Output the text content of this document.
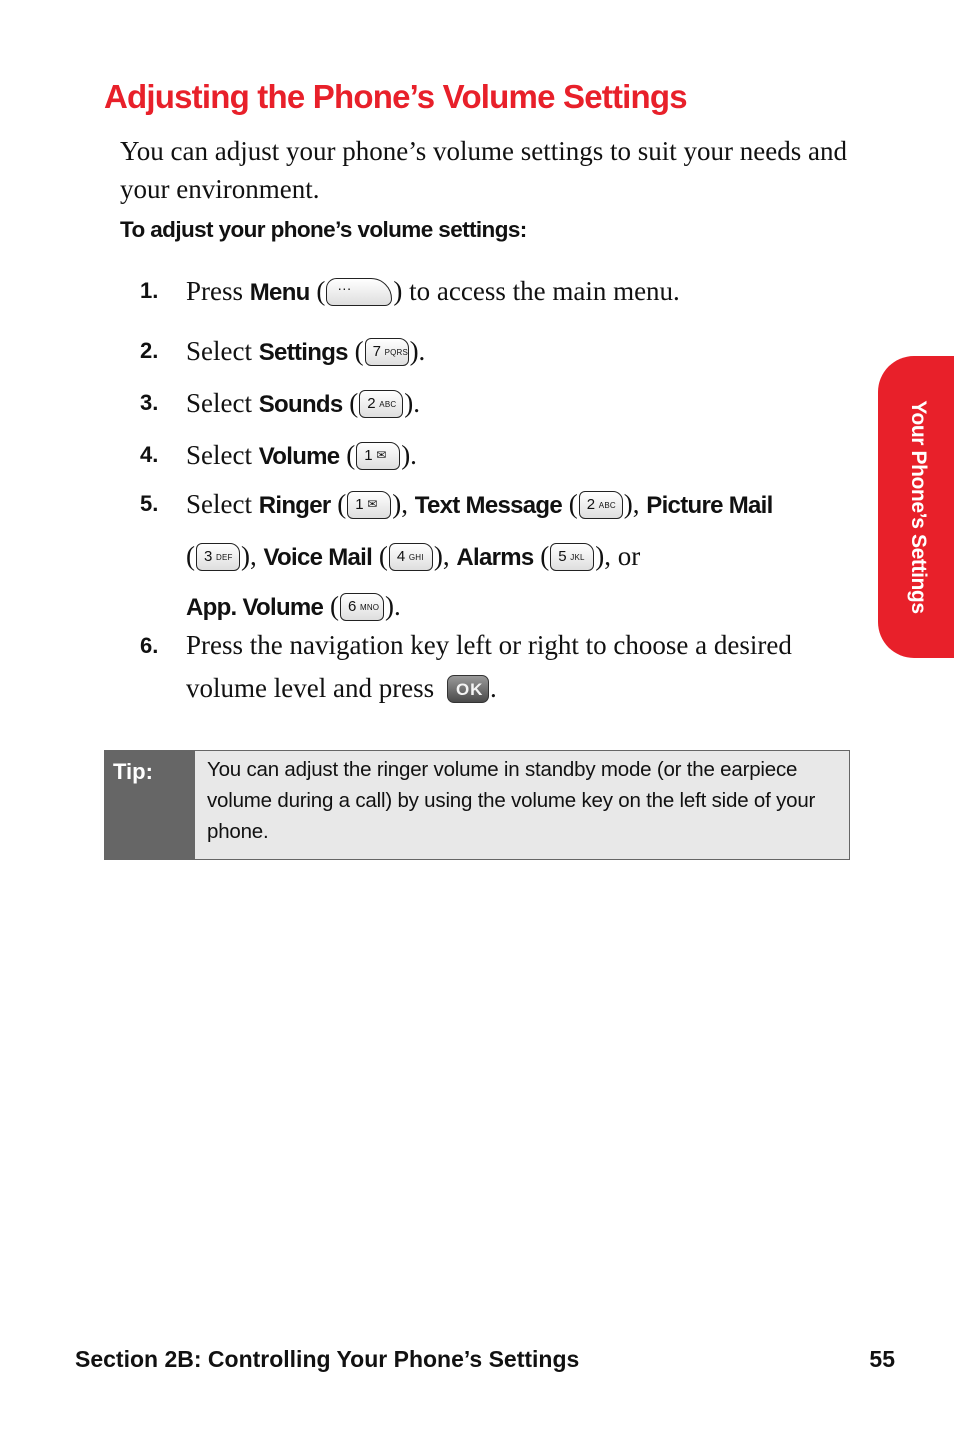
Adjusting the Phone’s Volume Settings

You can adjust your phone’s volume settings to suit your needs and your environment.

To adjust your phone’s volume settings:

1. Press Menu ( ··· ) to access the main menu.
2. Select Settings ( 7 PQRS ).
3. Select Sounds ( 2 ABC ).
4. Select Volume ( 1 ✉ ).
5. Select Ringer ( 1 ✉ ), Text Message ( 2 ABC ), Picture Mail
( 3 DEF ), Voice Mail ( 4 GHI ), Alarms ( 5 JKL ), or
App. Volume ( 6 MNO ).
6. Press the navigation key left or right to choose a desired volume level and press OK .
Tip:	You can adjust the ringer volume in standby mode (or the earpiece volume during a call) by using the volume key on the left side of your phone.
Your Phone’s Settings
Section 2B: Controlling Your Phone’s Settings	55
